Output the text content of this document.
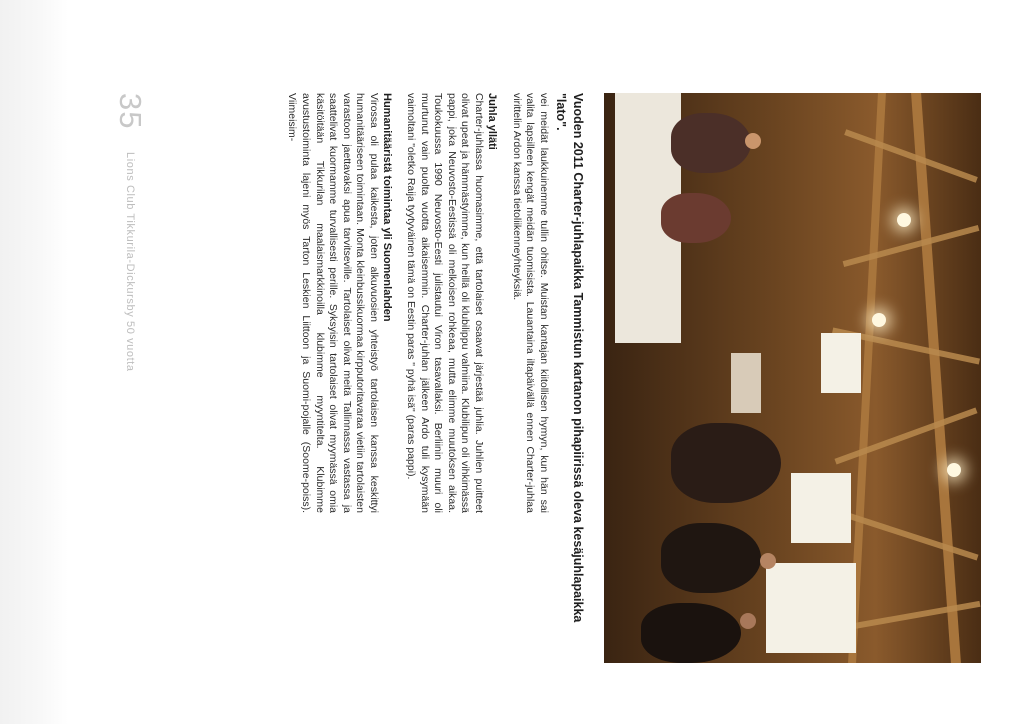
Vuoden 2011 Charter-juhlapaikka Tammistun kartanon pihapiirissä oleva kesäjuhlapaikka "lato".

vei meidät laukkuinemme tullin ohitse. Muistan kantajan kiitollisen hymyn, kun hän sai valita lapsilleen kengät meidän tuomisista. Lauantaina iltapäivällä ennen Charter-juhlaa virittelin Ardon kanssa tietoliikenneyhteyksiä.

Juhla ylläti

Charter-juhlassa huomasimme, että tartolaiset osaavat järjestää juhlia. Juhlien puitteet olivat upeat ja hämmästyimme, kun heillä oli klubilippu valmiina. Klubilipun oli vihkimässä pappi, joka Neuvosto-Eestissä oli melkoisen rohkeaa, mutta elimme muutoksen aikaa. Toukokuussa 1990 Neuvosto-Eesti julistautui Viron tasavallaksi. Berliinin muuri oli murtunut vain puolta vuotta aikaisemmin. Charter-juhlan jälkeen Ardo tuli kysymään vaimoltani "oletko Raija tyytyväinen tämä on Eestin paras " pyhä isä" (paras pappi).

Humanitääristä toimintaa yli Suomenlahden

Virossa oli pulaa kaikesta, joten alkuvuosien yhteistyö tartolaisen kanssa keskittyi humanitääriseen toimintaan. Monta kleinbussikuormaa kirpputoritavaraa vietiin tartolaisten varastoon jaettavaksi apua tarvitseville. Tartolaiset olivat meitä Tallinnassa vastassa ja saattelivat kuormamme turvallisesti perille. Syksyisin tartolaiset olivat myymässä omia käsitöitään Tikkurilan maalaismarkkinoilla klubimme myyntitelta. Klubimme avustustoiminta lajeni myös Tarton Leskien Liittoon ja Suomi-pojalle (Soome-poiss). Viimeisim-

35
Lions Club Tikkurila-Dickursby 50 vuotta
